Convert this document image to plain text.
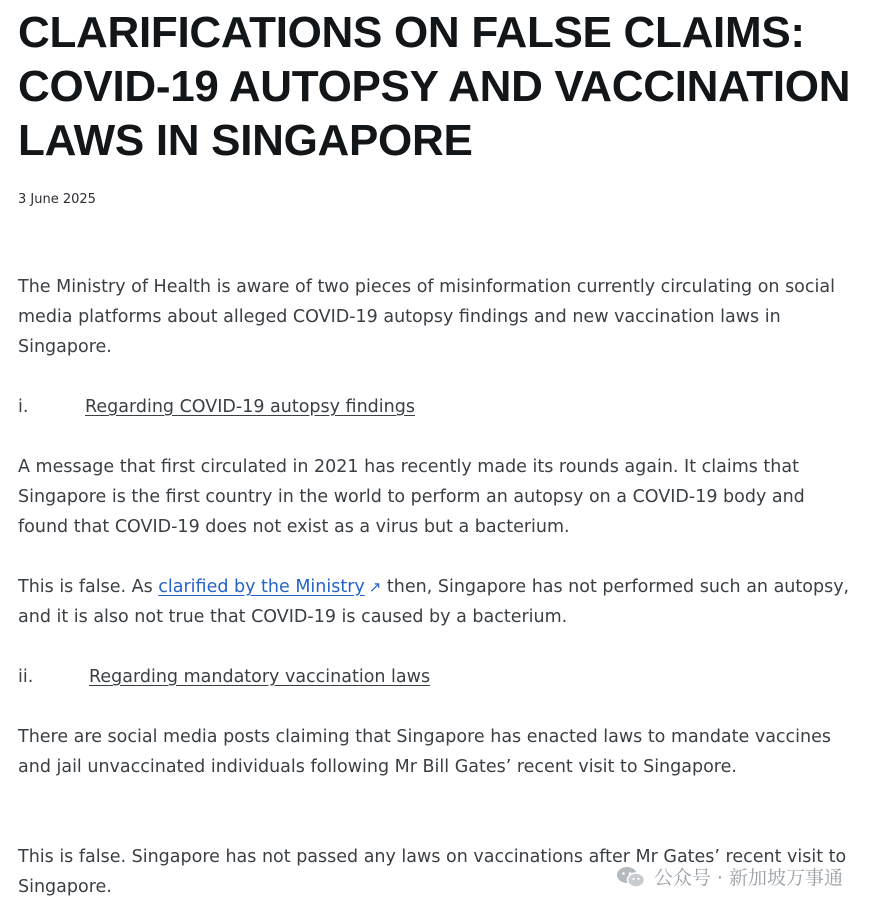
CLARIFICATIONS ON FALSE CLAIMS:
COVID-19 AUTOPSY AND VACCINATION
LAWS IN SINGAPORE
3 June 2025

The Ministry of Health is aware of two pieces of misinformation currently circulating on social media platforms about alleged COVID-19 autopsy findings and new vaccination laws in Singapore.

i.	Regarding COVID-19 autopsy findings

A message that first circulated in 2021 has recently made its rounds again. It claims that Singapore is the first country in the world to perform an autopsy on a COVID-19 body and found that COVID-19 does not exist as a virus but a bacterium.

This is false. As clarified by the Ministry ↗ then, Singapore has not performed such an autopsy, and it is also not true that COVID-19 is caused by a bacterium.

ii.	Regarding mandatory vaccination laws

There are social media posts claiming that Singapore has enacted laws to mandate vaccines and jail unvaccinated individuals following Mr Bill Gates’ recent visit to Singapore.

This is false. Singapore has not passed any laws on vaccinations after Mr Gates’ recent visit to Singapore.	公众号 · 新加坡万事通
